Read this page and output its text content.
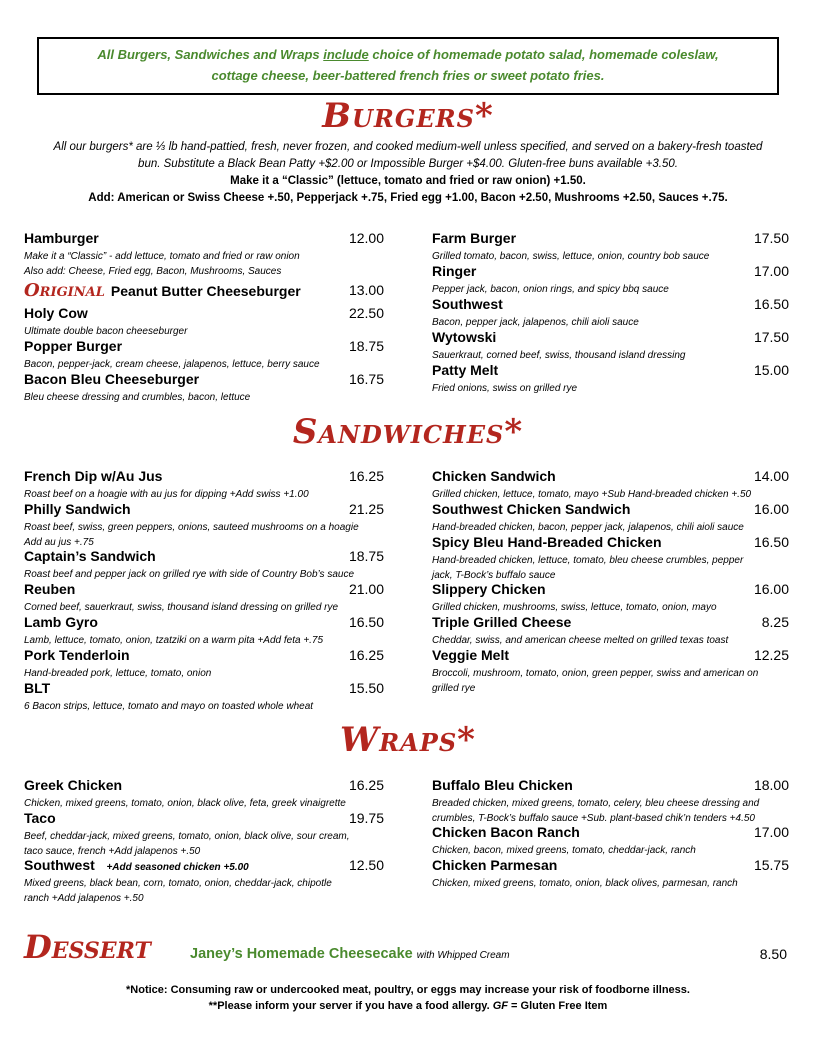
All Burgers, Sandwiches and Wraps include choice of homemade potato salad, homemade coleslaw,
cottage cheese, beer-battered french fries or sweet potato fries.
Burgers*
All our burgers* are ⅓ lb hand-pattied, fresh, never frozen, and cooked medium-well unless specified, and served on a bakery-fresh toasted
bun. Substitute a Black Bean Patty +$2.00 or Impossible Burger +$4.00. Gluten-free buns available +3.50.
Make it a “Classic” (lettuce, tomato and fried or raw onion) +1.50.
Add: American or Swiss Cheese +.50, Pepperjack +.75, Fried egg +1.00, Bacon +2.50, Mushrooms +2.50, Sauces +.75.
Hamburger	12.00
Make it a “Classic” - add lettuce, tomato and fried or raw onion
Also add: Cheese, Fried egg, Bacon, Mushrooms, Sauces
Original Peanut Butter Cheeseburger	13.00
Holy Cow	22.50
Ultimate double bacon cheeseburger
Popper Burger	18.75
Bacon, pepper-jack, cream cheese, jalapenos, lettuce, berry sauce
Bacon Bleu Cheeseburger	16.75
Bleu cheese dressing and crumbles, bacon, lettuce
Farm Burger	17.50
Grilled tomato, bacon, swiss, lettuce, onion, country bob sauce
Ringer	17.00
Pepper jack, bacon, onion rings, and spicy bbq sauce
Southwest	16.50
Bacon, pepper jack, jalapenos, chili aioli sauce
Wytowski	17.50
Sauerkraut, corned beef, swiss, thousand island dressing
Patty Melt	15.00
Fried onions, swiss on grilled rye
Sandwiches*
French Dip w/Au Jus	16.25
Roast beef on a hoagie with au jus for dipping +Add swiss +1.00
Philly Sandwich	21.25
Roast beef, swiss, green peppers, onions, sauteed mushrooms on a hoagie
Add au jus +.75
Captain’s Sandwich	18.75
Roast beef and pepper jack on grilled rye with side of Country Bob’s sauce
Reuben	21.00
Corned beef, sauerkraut, swiss, thousand island dressing on grilled rye
Lamb Gyro	16.50
Lamb, lettuce, tomato, onion, tzatziki on a warm pita +Add feta +.75
Pork Tenderloin	16.25
Hand-breaded pork, lettuce, tomato, onion
BLT	15.50
6 Bacon strips, lettuce, tomato and mayo on toasted whole wheat
Chicken Sandwich	14.00
Grilled chicken, lettuce, tomato, mayo +Sub Hand-breaded chicken +.50
Southwest Chicken Sandwich	16.00
Hand-breaded chicken, bacon, pepper jack, jalapenos, chili aioli sauce
Spicy Bleu Hand-Breaded Chicken	16.50
Hand-breaded chicken, lettuce, tomato, bleu cheese crumbles, pepper
jack, T-Bock’s buffalo sauce
Slippery Chicken	16.00
Grilled chicken, mushrooms, swiss, lettuce, tomato, onion, mayo
Triple Grilled Cheese	8.25
Cheddar, swiss, and american cheese melted on grilled texas toast
Veggie Melt	12.25
Broccoli, mushroom, tomato, onion, green pepper, swiss and american on
grilled rye
Wraps*
Greek Chicken	16.25
Chicken, mixed greens, tomato, onion, black olive, feta, greek vinaigrette
Taco	19.75
Beef, cheddar-jack, mixed greens, tomato, onion, black olive, sour cream,
taco sauce, french +Add jalapenos +.50
Southwest +Add seasoned chicken +5.00	12.50
Mixed greens, black bean, corn, tomato, onion, cheddar-jack, chipotle
ranch +Add jalapenos +.50
Buffalo Bleu Chicken	18.00
Breaded chicken, mixed greens, tomato, celery, bleu cheese dressing and
crumbles, T-Bock’s buffalo sauce +Sub. plant-based chik’n tenders +4.50
Chicken Bacon Ranch	17.00
Chicken, bacon, mixed greens, tomato, cheddar-jack, ranch
Chicken Parmesan	15.75
Chicken, mixed greens, tomato, onion, black olives, parmesan, ranch
Dessert	Janey’s Homemade Cheesecake with Whipped Cream	8.50
*Notice: Consuming raw or undercooked meat, poultry, or eggs may increase your risk of foodborne illness.
**Please inform your server if you have a food allergy. GF = Gluten Free Item
